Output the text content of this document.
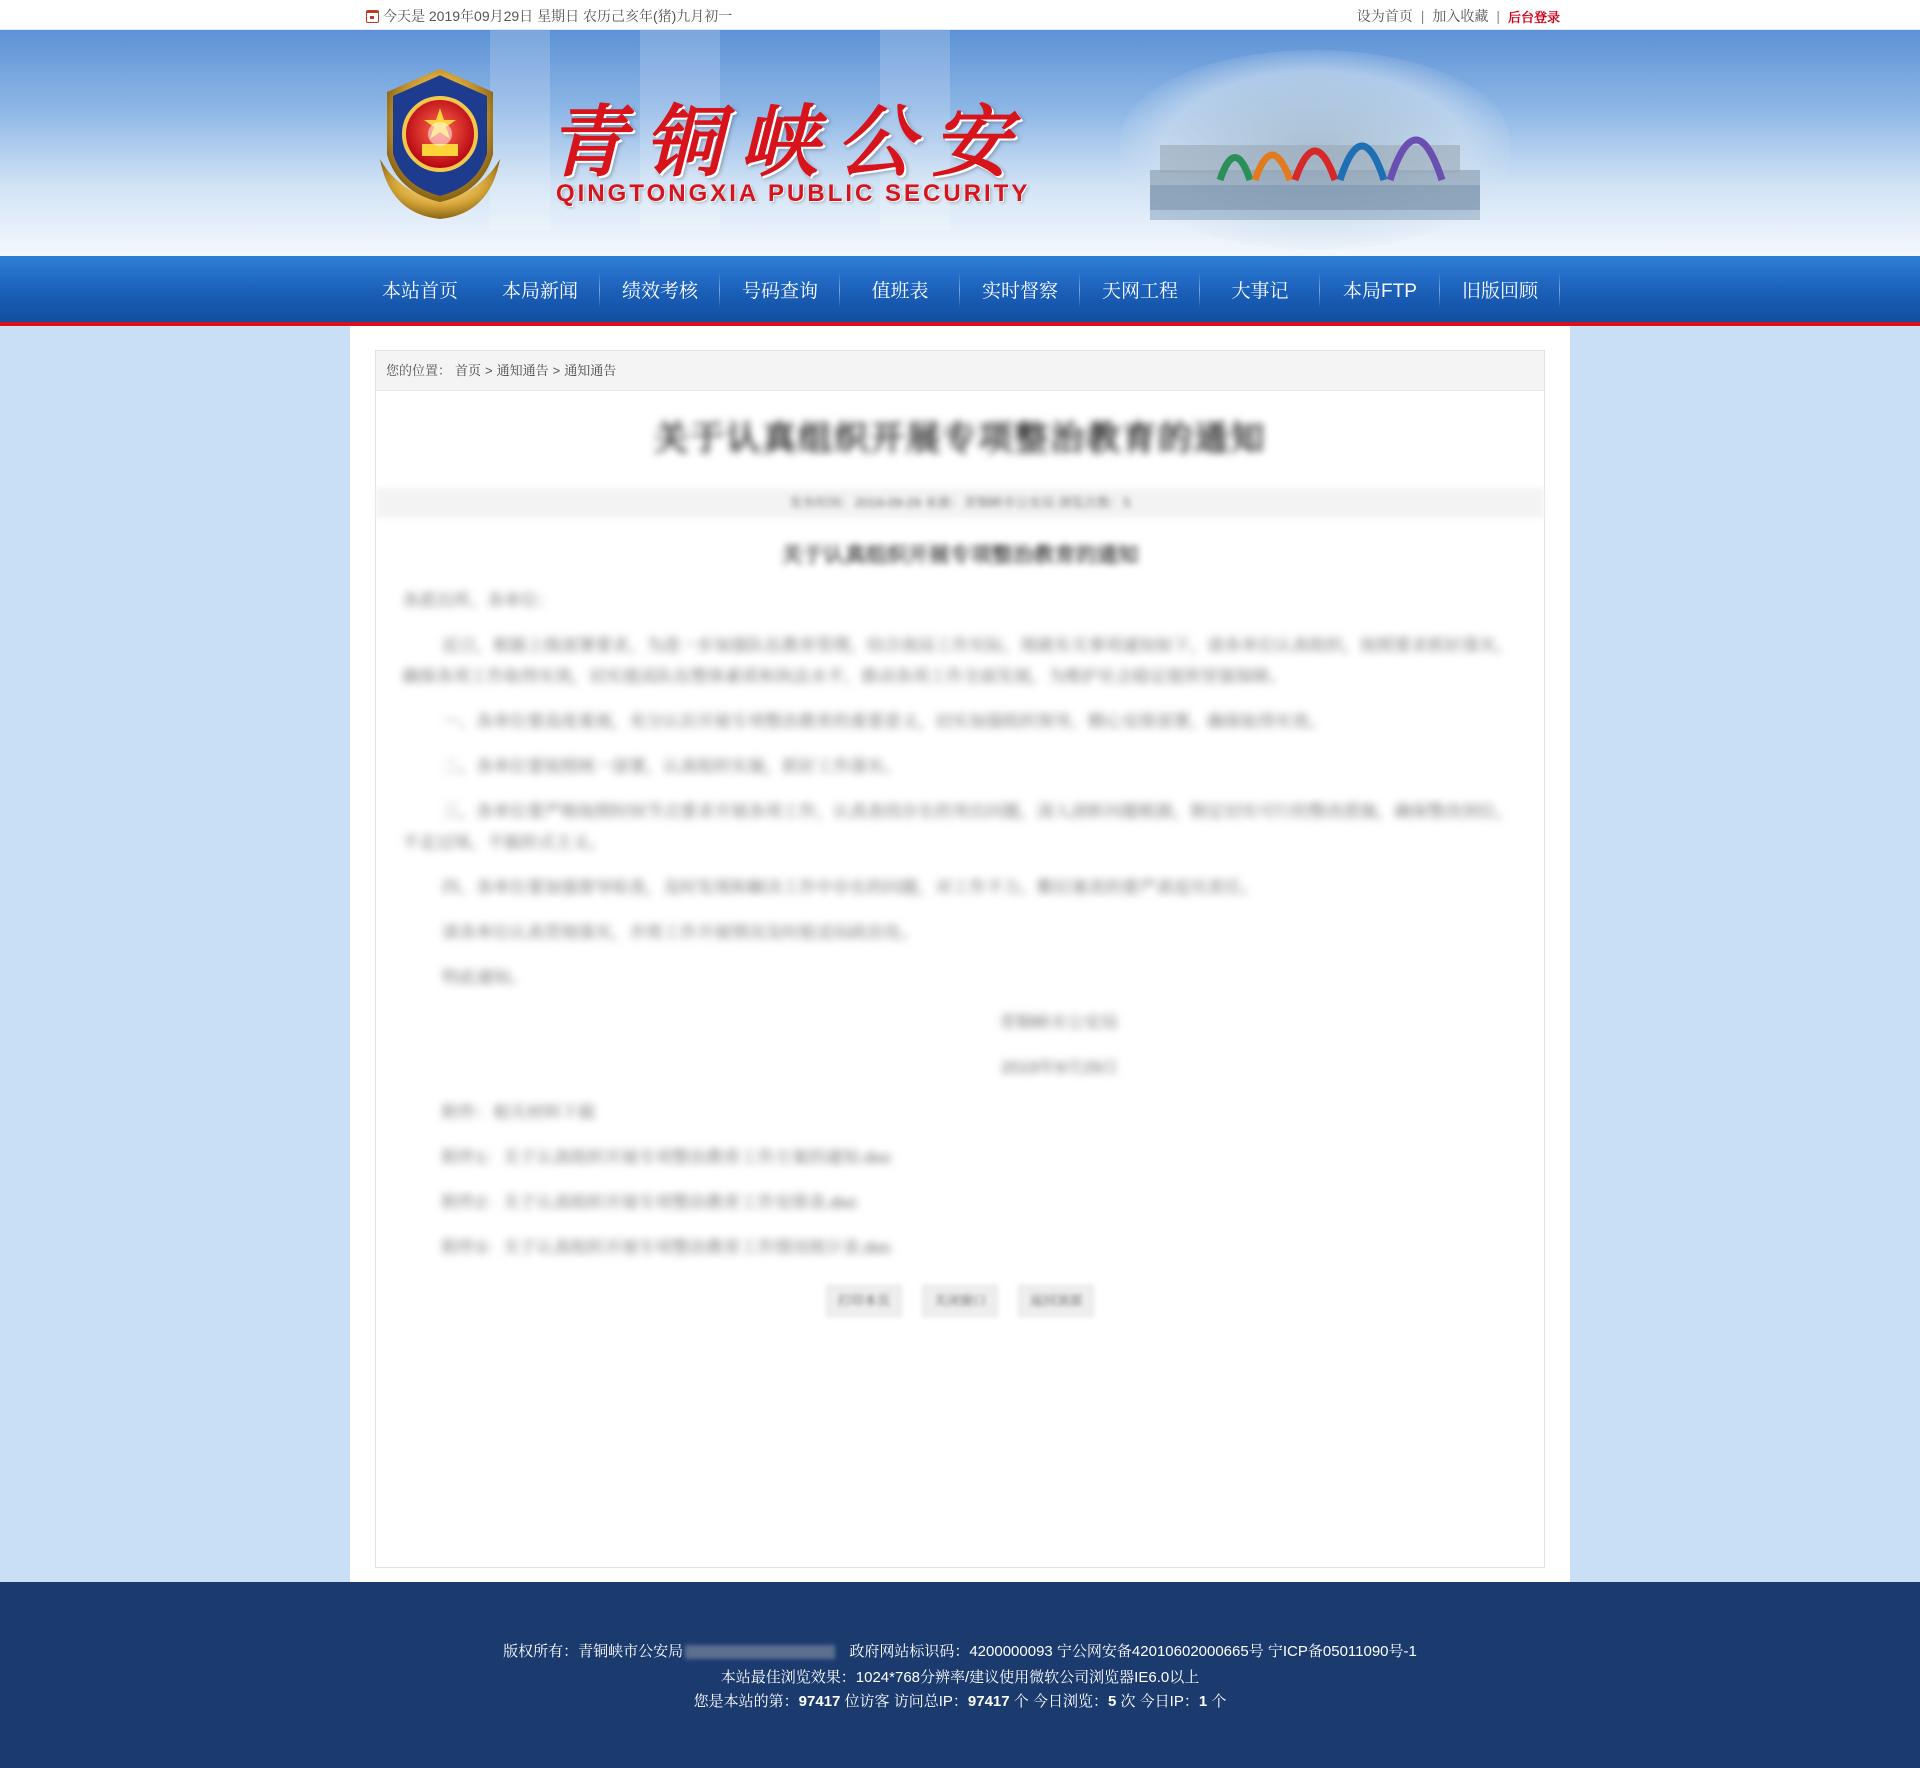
今天是 2019年09月29日 星期日 农历己亥年(猪)九月初一	设为首页 | 加入收藏 | 后台登录
青铜峡公安
QINGTONGXIA PUBLIC SECURITY
本站首页	本局新闻	绩效考核	号码查询	值班表	实时督察	天网工程	大事记	本局FTP	旧版回顾
您的位置： 首页 > 通知通告 > 通知通告
关于认真组织开展专项整治教育的通知
发布时间：2019-09-29 来源：青铜峡市公安局 浏览次数：5
关于认真组织开展专项整治教育的通知

各派出所、各单位：

近日，根据上级部署要求，为进一步加强队伍教育管理，结合我局工作实际，现就有关事项通知如下，请各单位认真组织，按照要求抓好落实，确保各项工作取得实效，切实提高队伍整体素质和执法水平，推动各项工作全面发展，为维护社会稳定提供坚强保障。

一、各单位要高度重视，充分认识开展专项整治教育的重要意义，切实加强组织领导，精心安排部署，确保取得实效。

二、各单位要按照统一部署，认真组织实施，抓好工作落实。

三、各单位要严格按照时间节点要求开展各项工作，认真查找存在的突出问题，深入剖析问题根源，制定切实可行的整改措施，确保整改到位，不走过场、不搞形式主义。

四、各单位要加强督导检查，及时发现和解决工作中存在的问题，对工作不力、敷衍塞责的要严肃追究责任。

请各单位认真贯彻落实，并将工作开展情况及时报送局政治处。

特此通知。

青铜峡市公安局

2019年9月29日

附件：相关材料下载

附件1：关于认真组织开展专项整治教育工作方案的通知.doc

附件2：关于认真组织开展专项整治教育工作安排表.doc

附件3：关于认真组织开展专项整治教育工作情况统计表.doc

打印本页	关闭窗口	返回顶部
版权所有：青铜峡市公安局	政府网站标识码：4200000093 宁公网安备42010602000665号 宁ICP备05011090号-1
本站最佳浏览效果：1024*768分辨率/建议使用微软公司浏览器IE6.0以上
您是本站的第：97417 位访客 访问总IP：97417 个 今日浏览：5 次 今日IP：1 个
